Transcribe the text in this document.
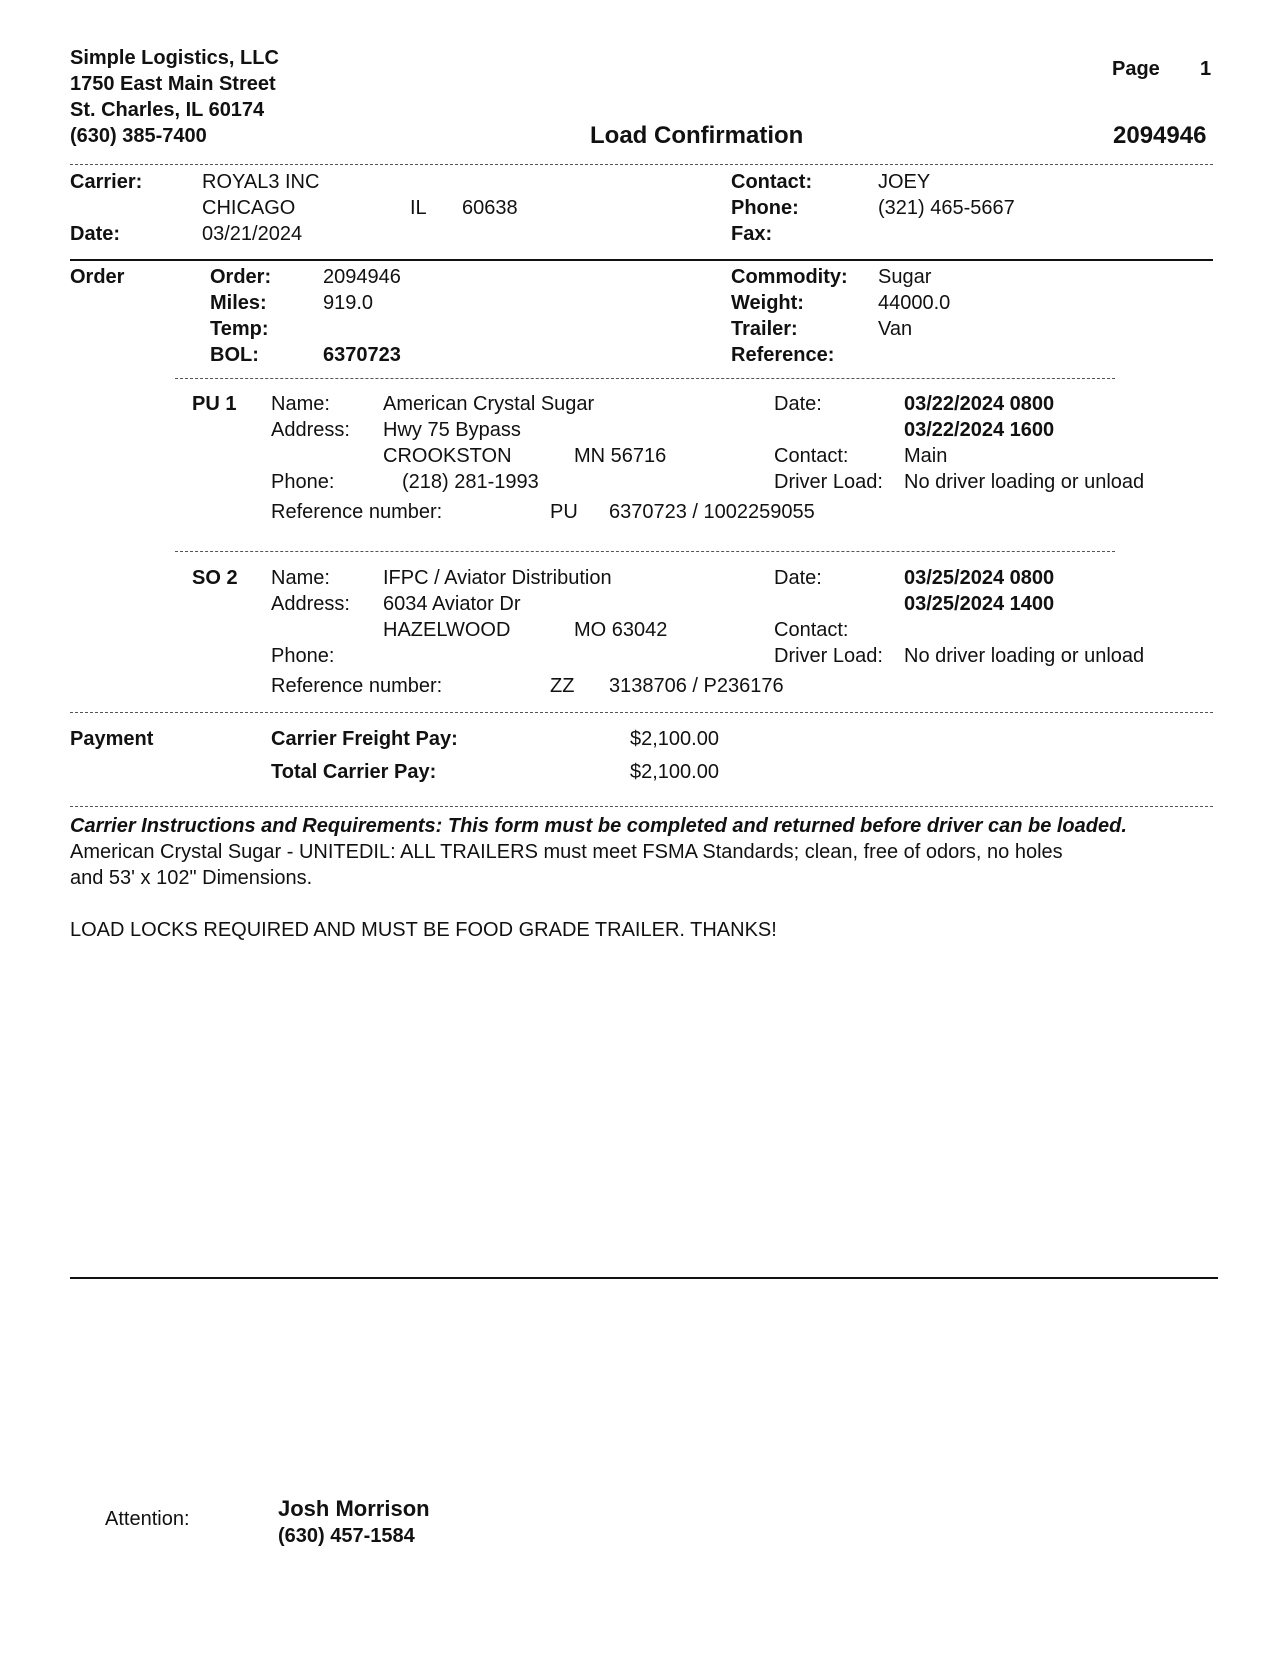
Simple Logistics, LLC
1750 East Main Street
St. Charles, IL 60174
(630) 385-7400
Page 1
Load Confirmation	2094946
Carrier:	ROYAL3 INC
CHICAGO	IL 60638
Date:	03/21/2024
Contact:	JOEY
Phone:	(321) 465-5667
Fax:
Order	Order:	2094946
Miles:	919.0
Temp:
BOL:	6370723
Commodity: Sugar
Weight:	44000.0
Trailer:	Van
Reference:
PU 1 Name:	American Crystal Sugar
Address: Hwy 75 Bypass
CROOKSTON	MN 56716
Phone:	(218) 281-1993
Reference number:	PU 6370723 / 1002259055
Date:	03/22/2024 0800
03/22/2024 1600
Contact:	Main
Driver Load: No driver loading or unload
SO 2 Name:	IFPC / Aviator Distribution
Address: 6034 Aviator Dr
HAZELWOOD	MO 63042
Phone:
Reference number:	ZZ 3138706 / P236176
Date:	03/25/2024 0800
03/25/2024 1400
Contact:
Driver Load: No driver loading or unload
Payment	Carrier Freight Pay:	$2,100.00
Total Carrier Pay:	$2,100.00
Carrier Instructions and Requirements: This form must be completed and returned before driver can be loaded.
American Crystal Sugar - UNITEDIL: ALL TRAILERS must meet FSMA Standards; clean, free of odors, no holes
and 53' x 102" Dimensions.
LOAD LOCKS REQUIRED AND MUST BE FOOD GRADE TRAILER. THANKS!
Attention:	Josh Morrison
(630) 457-1584
